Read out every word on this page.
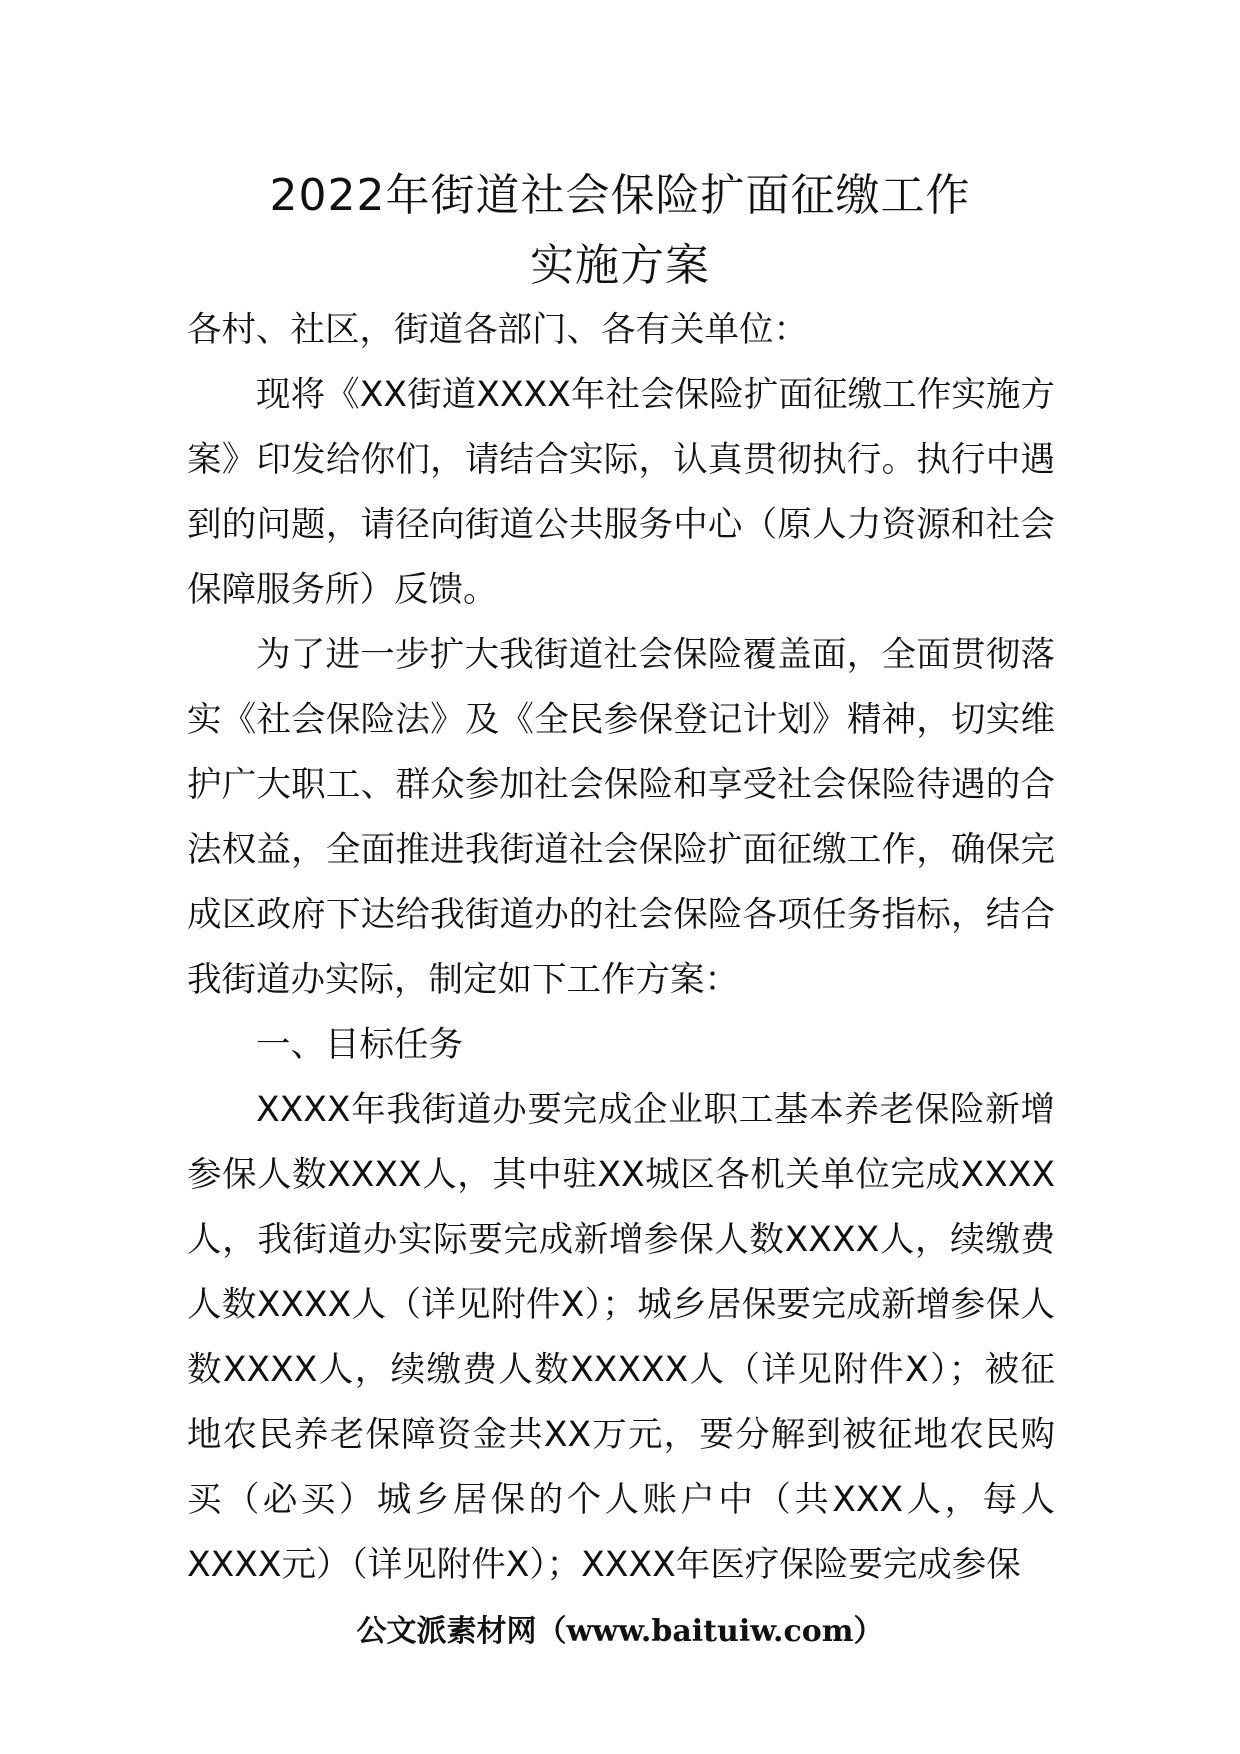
2022年街道社会保险扩面征缴工作
实施方案

各村、社区，街道各部门、各有关单位：

现将《XX街道XXXX年社会保险扩面征缴工作实施方案》印发给你们，请结合实际，认真贯彻执行。执行中遇到的问题，请径向街道公共服务中心（原人力资源和社会保障服务所）反馈。

为了进一步扩大我街道社会保险覆盖面，全面贯彻落实《社会保险法》及《全民参保登记计划》精神，切实维护广大职工、群众参加社会保险和享受社会保险待遇的合法权益，全面推进我街道社会保险扩面征缴工作，确保完成区政府下达给我街道办的社会保险各项任务指标，结合我街道办实际，制定如下工作方案：

一、目标任务

XXXX年我街道办要完成企业职工基本养老保险新增参保人数XXXX人，其中驻XX城区各机关单位完成XXXX人，我街道办实际要完成新增参保人数XXXX人，续缴费人数XXXX人（详见附件X）；城乡居保要完成新增参保人数XXXX人，续缴费人数XXXXX人（详见附件X）；被征地农民养老保障资金共XX万元，要分解到被征地农民购买（必买）城乡居保的个人账户中（共XXX人，每人XXXX元）（详见附件X）；XXXX年医疗保险要完成参保

公文派素材网（www.baituiw.com）
